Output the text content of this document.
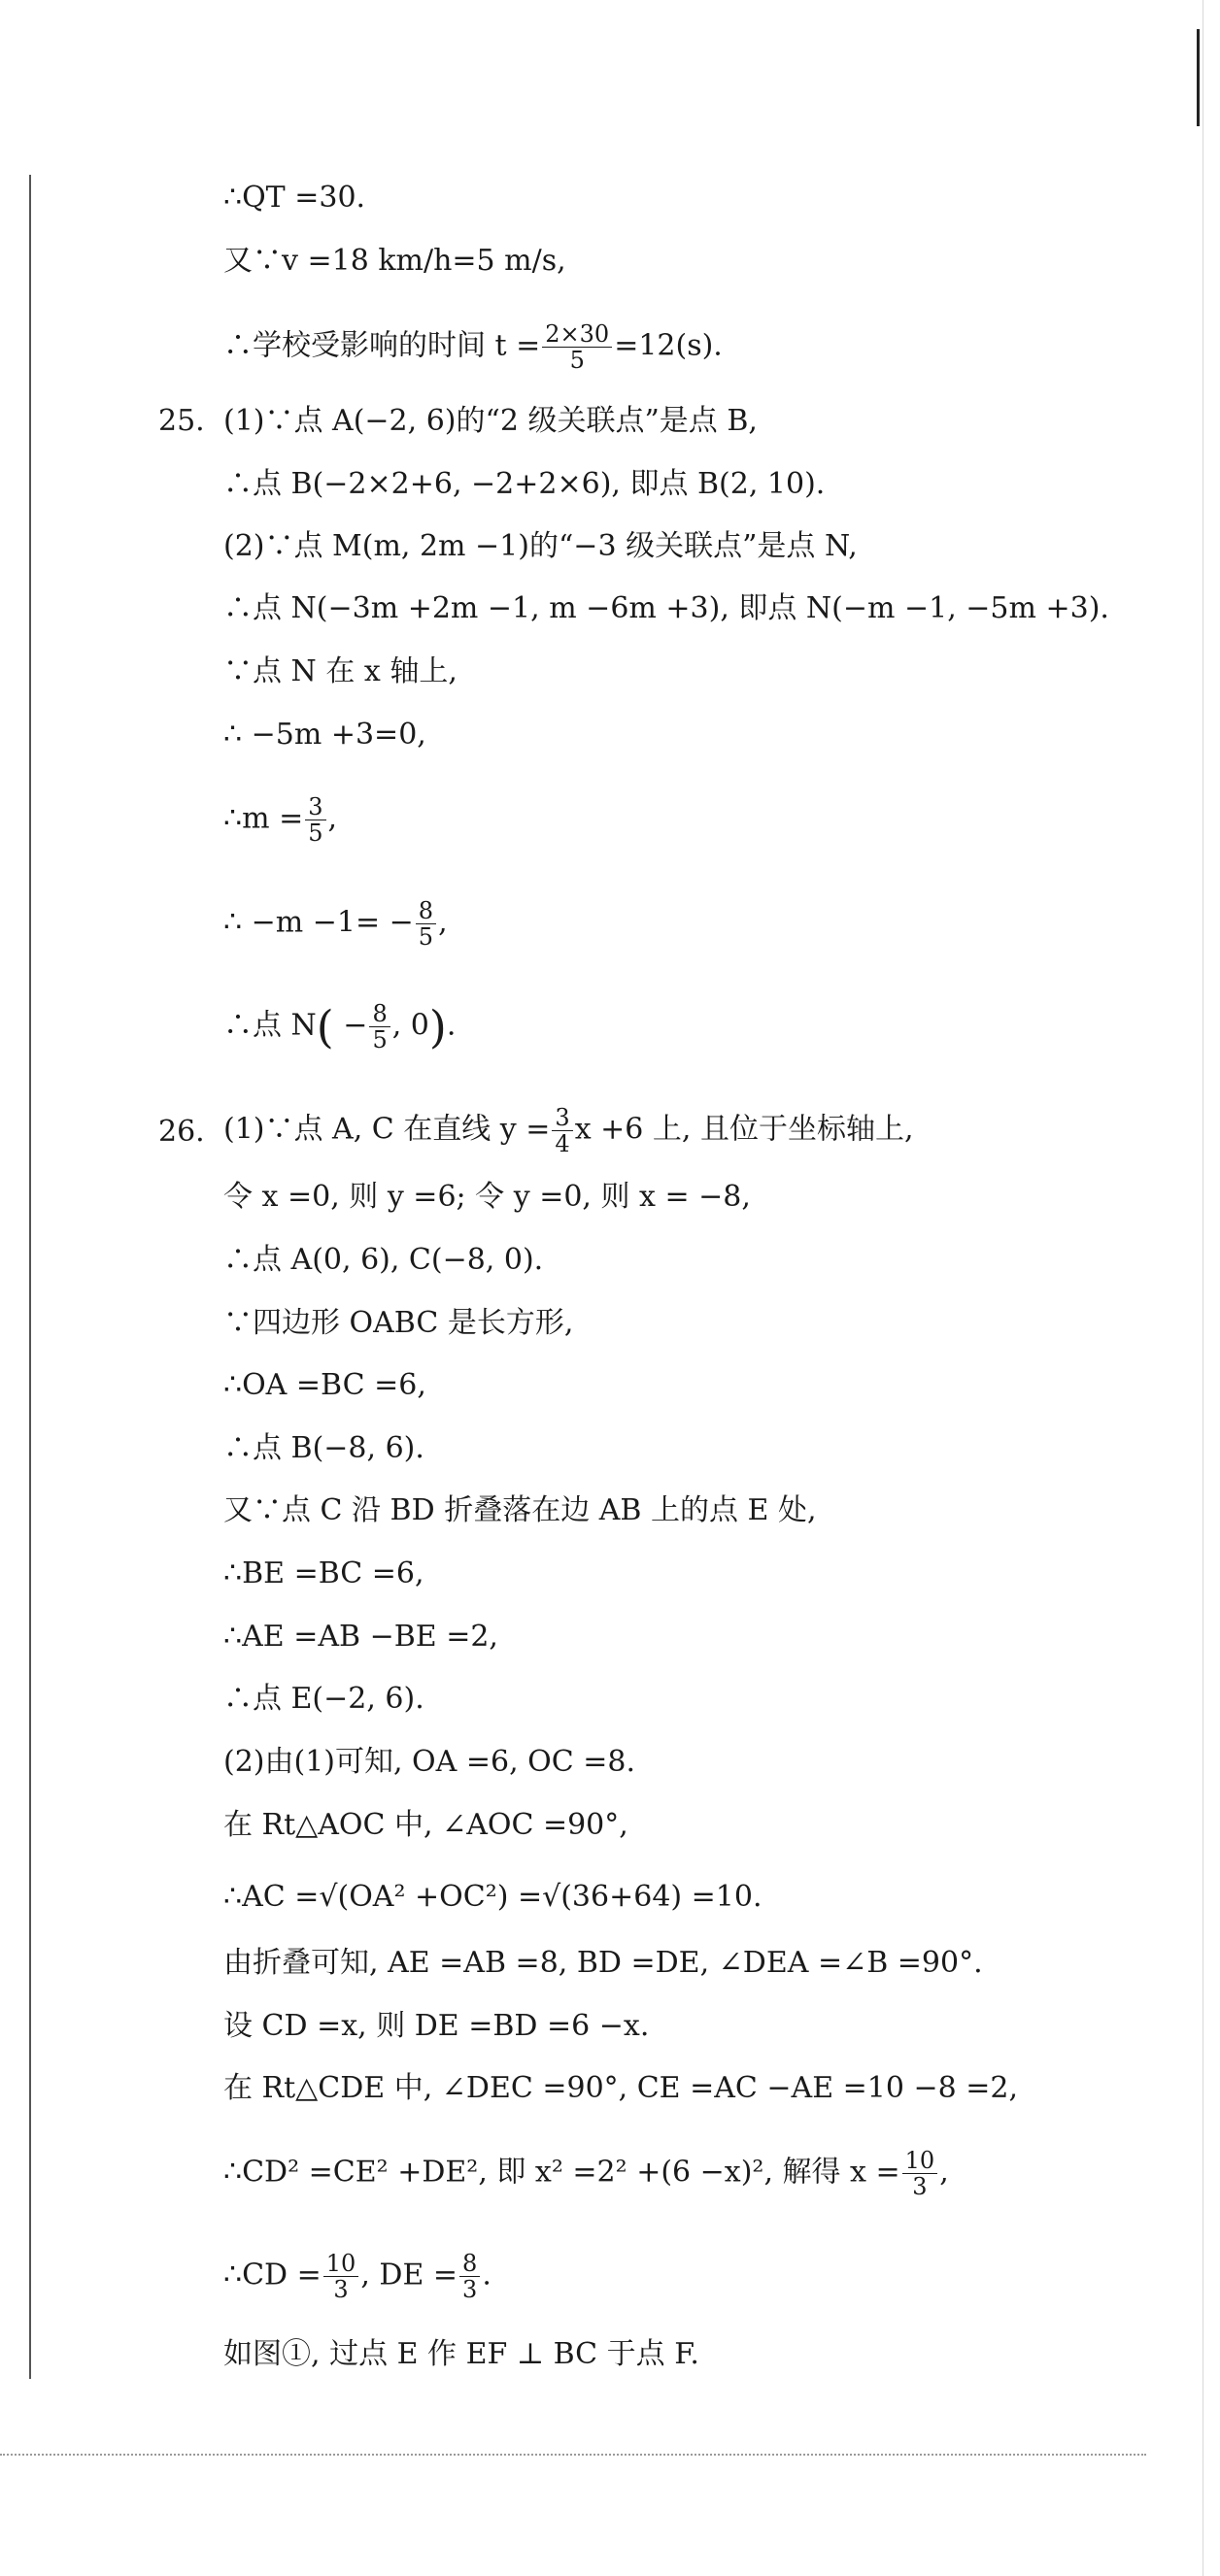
∴QT =30.
又∵v =18 km/h=5 m/s,
∴学校受影响的时间 $t = \frac{2\times 30}{5} =12(s)$.
25. (1)∵点 A(−2, 6)的“2 级关联点”是点 B,
∴点 B(−2×2+6, −2+2×6), 即点 B(2, 10).
(2)∵点 M(m, 2m −1)的“−3 级关联点”是点 N,
∴点 N(−3m +2m −1, m −6m +3), 即点 N(−m −1, −5m +3).
∵点 N 在 x 轴上,
∴ −5m +3=0,
∴m = $\frac{3}{5}$ ,
∴ $-m -1= - \frac{8}{5}$ ,
∴点 $N( - \frac{8}{5}$ , 0).
26. (1)∵点 A, C 在直线 $y = \frac{3}{4}$ x +6 上, 且位于坐标轴上,
令 x =0, 则 y =6; 令 y =0, 则 x = −8,
∴点 A(0, 6), C(−8, 0).
∵四边形 OABC 是长方形,
∴OA =BC =6,
∴点 B(−8, 6).
又∵点 C 沿 BD 折叠落在边 AB 上的点 E 处,
∴BE =BC =6,
∴AE =AB −BE =2,
∴点 E(−2, 6).
(2)由(1)可知, OA =6, OC =8.
在 Rt△AOC 中, ∠AOC =90°,
∴AC =√(OA² +OC²) =√(36+64) =10.
由折叠可知, AE =AB =8, BD =DE, ∠DEA =∠B =90°.
设 CD =x, 则 DE =BD =6 −x.
在 Rt△CDE 中, ∠DEC =90°, CE =AC −AE =10 −8 =2,
∴CD² =CE² +DE², 即 x² =2² +(6 −x)², 解得 $x = \frac{10}{3}$ ,
∴CD = $\frac{10}{3}$ , DE = $\frac{8}{3}$ .
如图①, 过点 E 作 EF ⊥ BC 于点 F.
